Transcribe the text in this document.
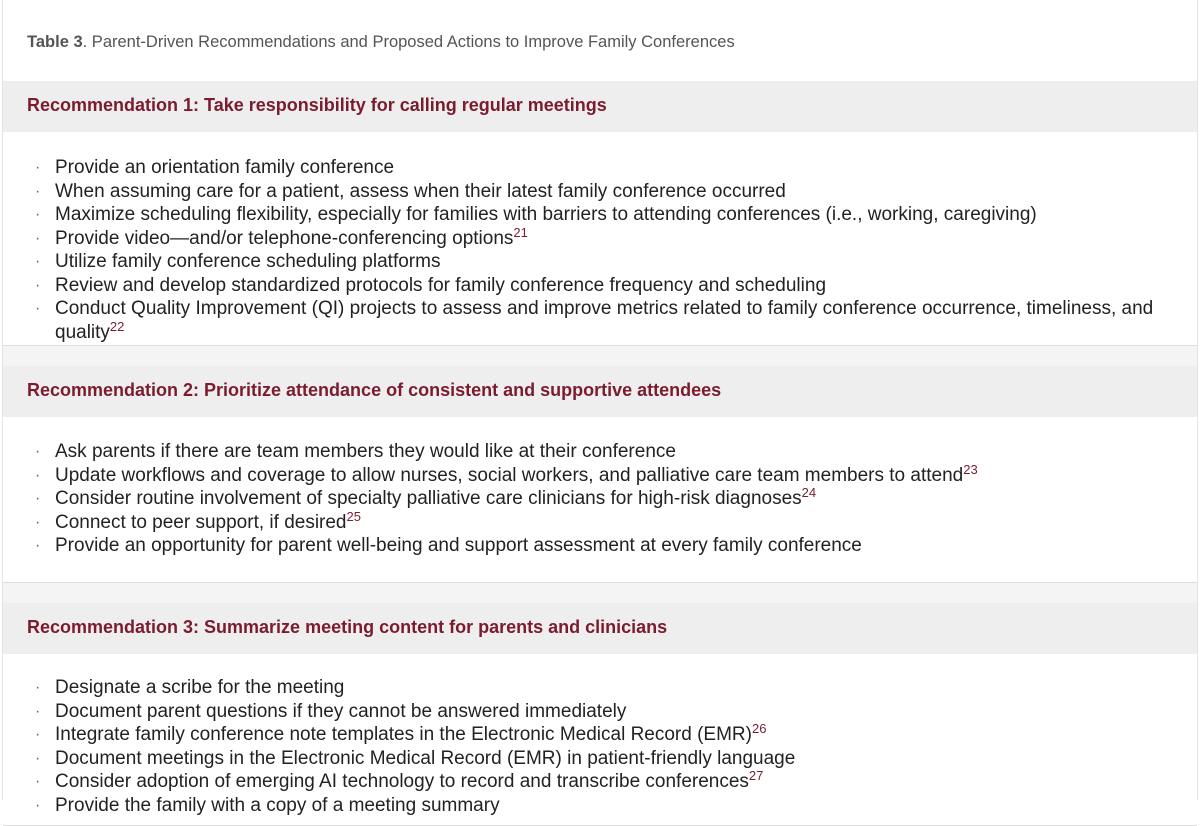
Table 3. Parent-Driven Recommendations and Proposed Actions to Improve Family Conferences
Recommendation 1: Take responsibility for calling regular meetings
· Provide an orientation family conference
· When assuming care for a patient, assess when their latest family conference occurred
· Maximize scheduling flexibility, especially for families with barriers to attending conferences (i.e., working, caregiving)
· Provide video—and/or telephone-conferencing options$^{21}$
· Utilize family conference scheduling platforms
· Review and develop standardized protocols for family conference frequency and scheduling
· Conduct Quality Improvement (QI) projects to assess and improve metrics related to family conference occurrence, timeliness, and quality$^{22}$
Recommendation 2: Prioritize attendance of consistent and supportive attendees
· Ask parents if there are team members they would like at their conference
· Update workflows and coverage to allow nurses, social workers, and palliative care team members to attend$^{23}$
· Consider routine involvement of specialty palliative care clinicians for high-risk diagnoses$^{24}$
· Connect to peer support, if desired$^{25}$
· Provide an opportunity for parent well-being and support assessment at every family conference
Recommendation 3: Summarize meeting content for parents and clinicians
· Designate a scribe for the meeting
· Document parent questions if they cannot be answered immediately
· Integrate family conference note templates in the Electronic Medical Record (EMR)$^{26}$
· Document meetings in the Electronic Medical Record (EMR) in patient-friendly language
· Consider adoption of emerging AI technology to record and transcribe conferences$^{27}$
· Provide the family with a copy of a meeting summary
